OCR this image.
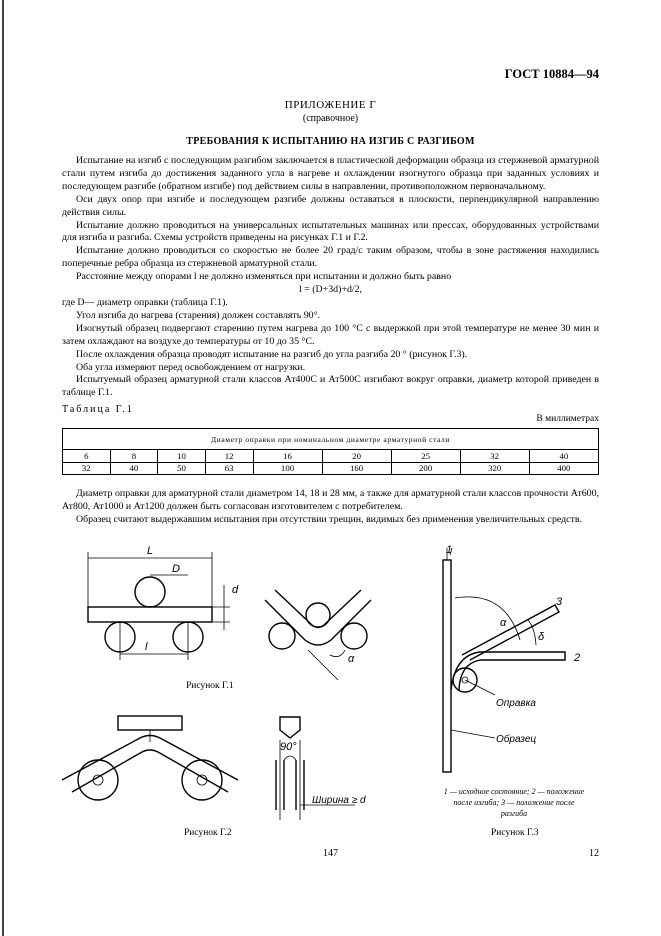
ГОСТ 10884—94
ПРИЛОЖЕНИЕ Г
(справочное)
ТРЕБОВАНИЯ К ИСПЫТАНИЮ НА ИЗГИБ С РАЗГИБОМ

Испытание на изгиб с последующим разгибом заключается в пластической деформации образца из стержневой арматурной стали путем изгиба до достижения заданного угла в нагреве и охлаждении изогнутого образца при заданных условиях и последующем разгибе (обратном изгибе) под действием силы в направлении, противоположном первоначальному.

Оси двух опор при изгибе и последующем разгибе должны оставаться в плоскости, перпендикулярной направлению действия силы.

Испытание должно проводиться на универсальных испытательных машинах или прессах, оборудованных устройствами для изгиба и разгиба. Схемы устройств приведены на рисунках Г.1 и Г.2.

Испытание должно проводиться со скоростью не более 20 град/с таким образом, чтобы в зоне растяжения находились поперечные ребра образца из стержневой арматурной стали.

Расстояние между опорами l не должно изменяться при испытании и должно быть равно

l = (D+3d)+d/2,

где D— диаметр оправки (таблица Г.1).

Угол изгиба до нагрева (старения) должен составлять 90°.

Изогнутый образец подвергают старению путем нагрева до 100 °С с выдержкой при этой температуре не менее 30 мин и затем охлаждают на воздухе до температуры от 10 до 35 °С.

После охлаждения образца проводят испытание на разгиб до угла разгиба 20 ° (рисунок Г.3).

Оба угла измеряют перед освобождением от нагрузки.

Испытуемый образец арматурной стали классов Ат400С и Ат500С изгибают вокруг оправки, диаметр которой приведен в таблице Г.1.

Таблица Г.1
В миллиметрах
Диаметр оправки при номинальном диаметре арматурной стали								
6	8	10	12	16	20	25	32	40
32	40	50	63	100	160	200	320	400

Диаметр оправки для арматурной стали диаметром 14, 18 и 28 мм, а также для арматурной стали классов прочности Ат600, Ат800, Ат1000 и Ат1200 должен быть согласован изготовителем с потребителем.

Образец считают выдержавшим испытания при отсутствии трещин, видимых без применения увеличительных средств.

L
D
d
l
α
90°
Ширина ≥ d
1
2
3
α
δ
Оправка
Образец
Рисунок Г.1
Рисунок Г.2
1 — исходное состояние; 2 — положение после изгиба; 3 — положение после разгиба
Рисунок Г.3
147	12
